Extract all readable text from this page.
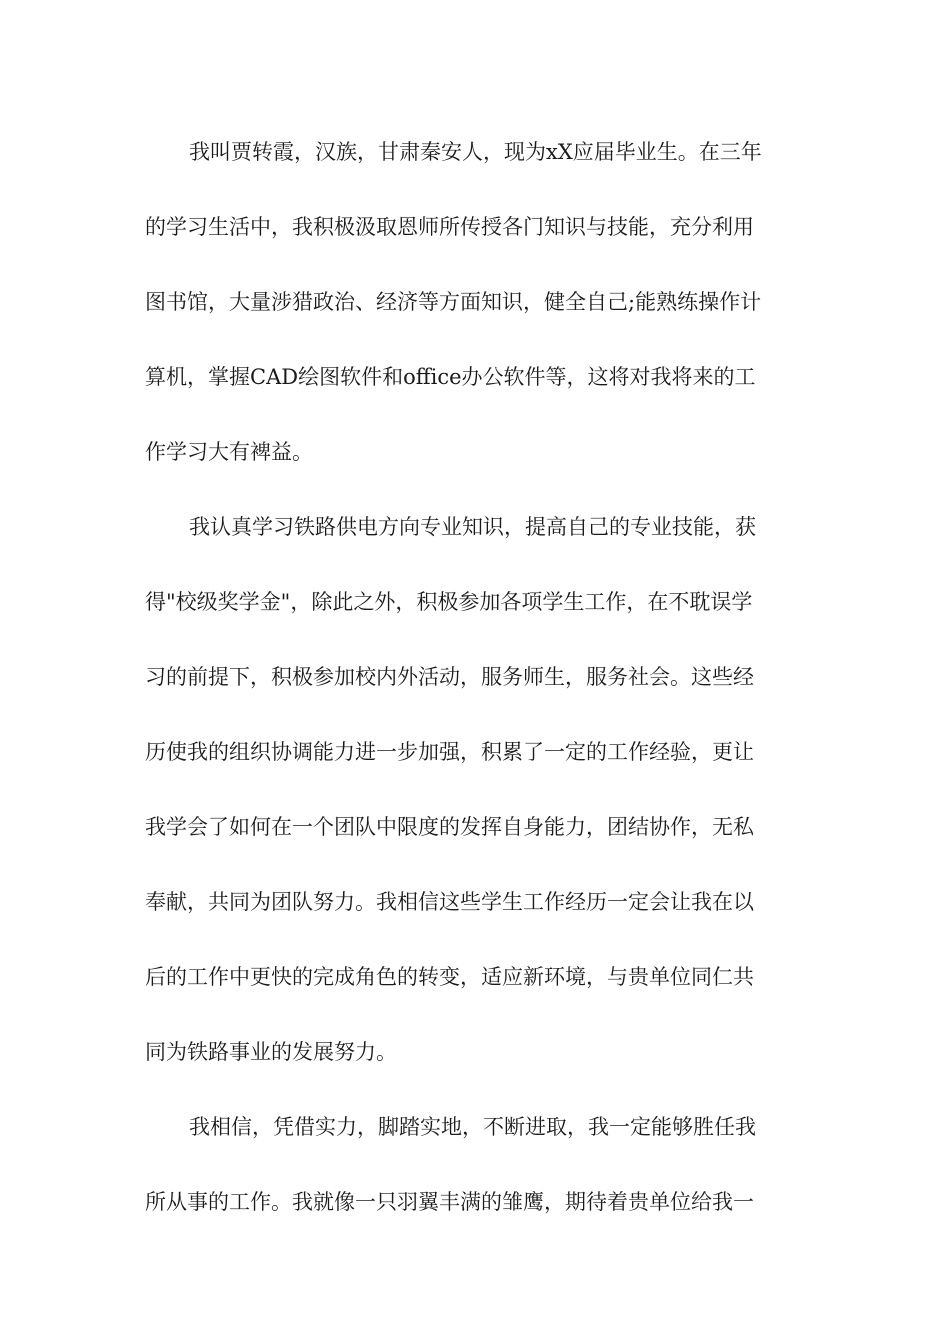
我叫贾转霞，汉族，甘肃秦安人，现为xX应届毕业生。在三年
的学习生活中，我积极汲取恩师所传授各门知识与技能，充分利用
图书馆，大量涉猎政治、经济等方面知识，健全自己;能熟练操作计
算机，掌握CAD绘图软件和office办公软件等，这将对我将来的工
作学习大有裨益。
我认真学习铁路供电方向专业知识，提高自己的专业技能，获
得"校级奖学金"，除此之外，积极参加各项学生工作，在不耽误学
习的前提下，积极参加校内外活动，服务师生，服务社会。这些经
历使我的组织协调能力进一步加强，积累了一定的工作经验，更让
我学会了如何在一个团队中限度的发挥自身能力，团结协作，无私
奉献，共同为团队努力。我相信这些学生工作经历一定会让我在以
后的工作中更快的完成角色的转变，适应新环境，与贵单位同仁共
同为铁路事业的发展努力。
我相信，凭借实力，脚踏实地，不断进取，我一定能够胜任我
所从事的工作。我就像一只羽翼丰满的雏鹰，期待着贵单位给我一
